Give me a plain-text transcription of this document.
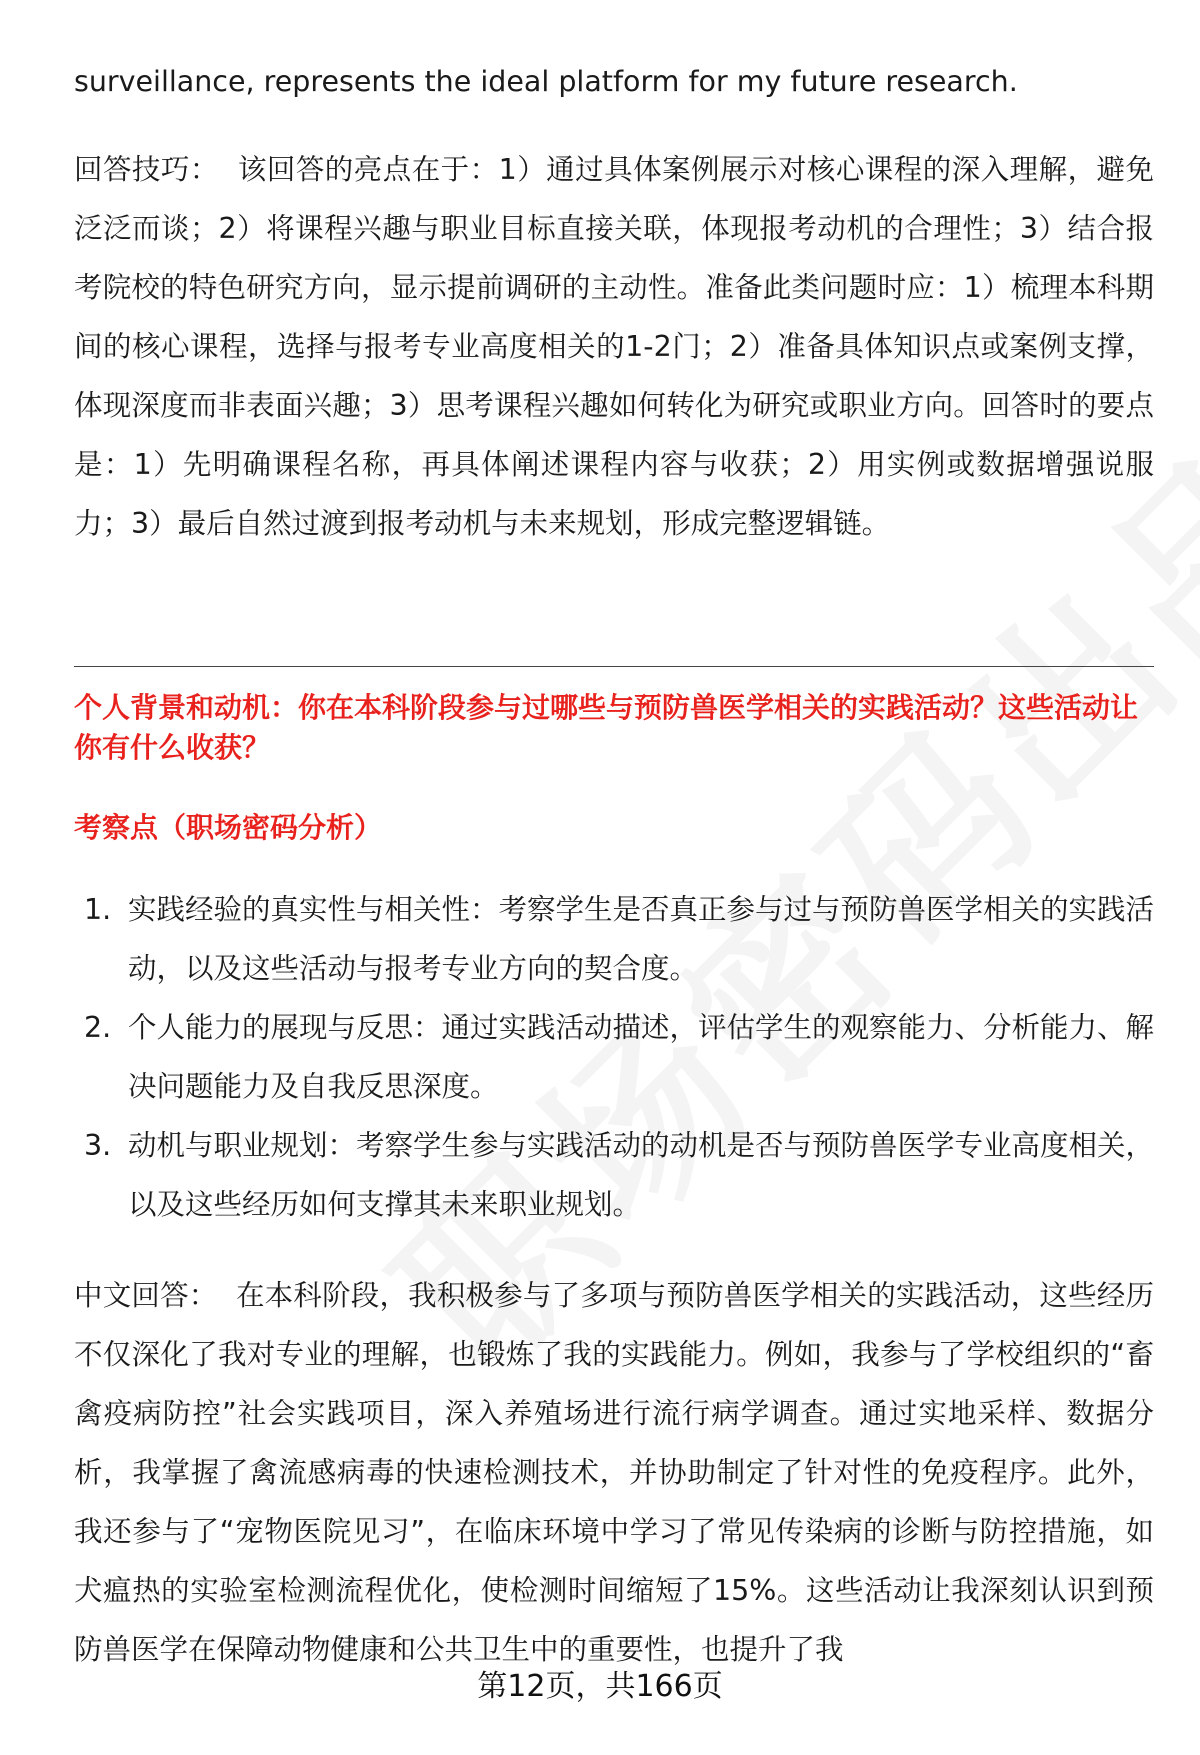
surveillance, represents the ideal platform for my future research.

回答技巧： 该回答的亮点在于：1）通过具体案例展示对核心课程的深入理解，避免泛泛而谈；2）将课程兴趣与职业目标直接关联，体现报考动机的合理性；3）结合报考院校的特色研究方向，显示提前调研的主动性。准备此类问题时应：1）梳理本科期间的核心课程，选择与报考专业高度相关的1-2门；2）准备具体知识点或案例支撑，体现深度而非表面兴趣；3）思考课程兴趣如何转化为研究或职业方向。回答时的要点是：1）先明确课程名称，再具体阐述课程内容与收获；2）用实例或数据增强说服力；3）最后自然过渡到报考动机与未来规划，形成完整逻辑链。

个人背景和动机：你在本科阶段参与过哪些与预防兽医学相关的实践活动？这些活动让你有什么收获？

考察点（职场密码分析）

1. 实践经验的真实性与相关性：考察学生是否真正参与过与预防兽医学相关的实践活动，以及这些活动与报考专业方向的契合度。
2. 个人能力的展现与反思：通过实践活动描述，评估学生的观察能力、分析能力、解决问题能力及自我反思深度。
3. 动机与职业规划：考察学生参与实践活动的动机是否与预防兽医学专业高度相关，以及这些经历如何支撑其未来职业规划。

中文回答： 在本科阶段，我积极参与了多项与预防兽医学相关的实践活动，这些经历不仅深化了我对专业的理解，也锻炼了我的实践能力。例如，我参与了学校组织的“畜禽疫病防控”社会实践项目，深入养殖场进行流行病学调查。通过实地采样、数据分析，我掌握了禽流感病毒的快速检测技术，并协助制定了针对性的免疫程序。此外，我还参与了“宠物医院见习”，在临床环境中学习了常见传染病的诊断与防控措施，如犬瘟热的实验室检测流程优化，使检测时间缩短了15%。这些活动让我深刻认识到预防兽医学在保障动物健康和公共卫生中的重要性，也提升了我

第12页，共166页
